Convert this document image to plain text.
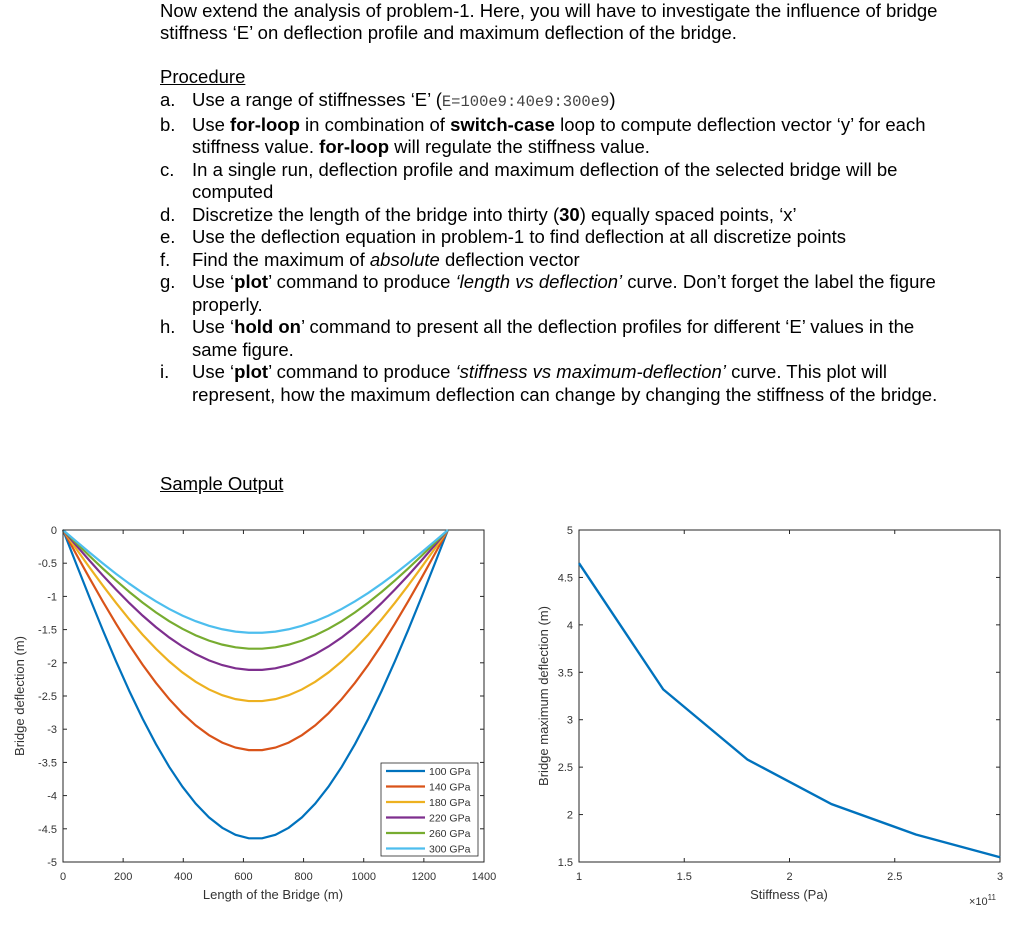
Now extend the analysis of problem-1. Here, you will have to investigate the influence of bridge stiffness ‘E’ on deflection profile and maximum deflection of the bridge.
Procedure
a. Use a range of stiffnesses ‘E’ (E=100e9:40e9:300e9)
b. Use for-loop in combination of switch-case loop to compute deflection vector ‘y’ for each stiffness value. for-loop will regulate the stiffness value.
c. In a single run, deflection profile and maximum deflection of the selected bridge will be computed
d. Discretize the length of the bridge into thirty (30) equally spaced points, ‘x’
e. Use the deflection equation in problem-1 to find deflection at all discretize points
f.	Find the maximum of absolute deflection vector
g. Use ‘plot’ command to produce ‘length vs deflection’ curve. Don’t forget the label the figure properly.
h. Use ‘hold on’ command to present all the deflection profiles for different ‘E’ values in the same figure.
i.	Use ‘plot’ command to produce ‘stiffness vs maximum-deflection’ curve. This plot will represent, how the maximum deflection can change by changing the stiffness of the bridge.
Sample Output
0	200	400	600	800	1000	1200	1400
0
-0.5
-1
-1.5
-2
-2.5
-3
-3.5
-4
-4.5
-5
Length of the Bridge (m)
Bridge deflection (m)
100 GPa
140 GPa
180 GPa
220 GPa
260 GPa
300 GPa
1	1.5	2	2.5	3
5
4.5
4
3.5
3
2.5
2
1.5
Stiffness (Pa)
Bridge maximum deflection (m)
$\times 10^{11}$
